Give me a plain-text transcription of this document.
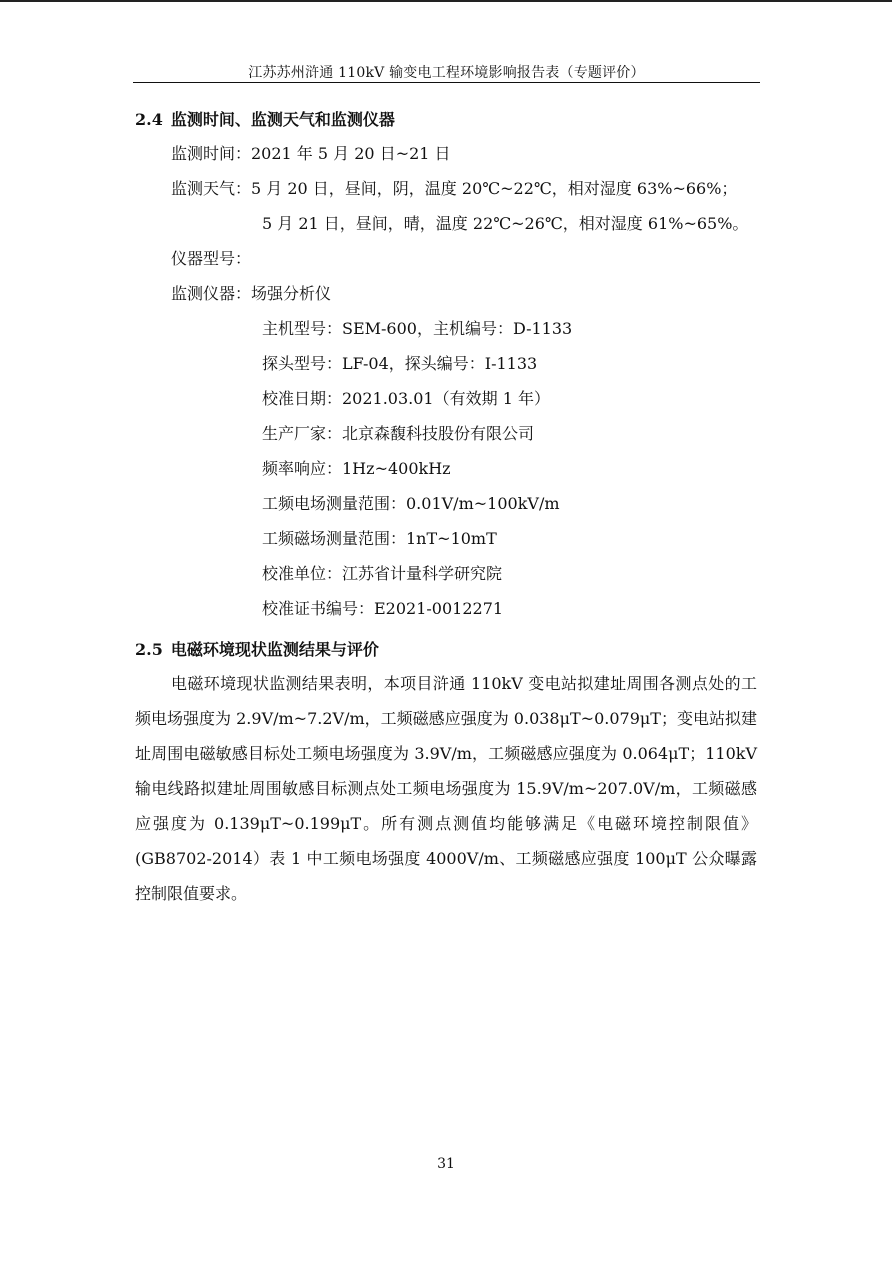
江苏苏州浒通 110kV 输变电工程环境影响报告表（专题评价）
2.4 监测时间、监测天气和监测仪器
监测时间：2021 年 5 月 20 日~21 日
监测天气：5 月 20 日，昼间，阴，温度 20℃~22℃，相对湿度 63%~66%；
5 月 21 日，昼间，晴，温度 22℃~26℃，相对湿度 61%~65%。
仪器型号：
监测仪器：场强分析仪
主机型号：SEM-600，主机编号：D-1133
探头型号：LF-04，探头编号：I-1133
校准日期：2021.03.01（有效期 1 年）
生产厂家：北京森馥科技股份有限公司
频率响应：1Hz~400kHz
工频电场测量范围：0.01V/m~100kV/m
工频磁场测量范围：1nT~10mT
校准单位：江苏省计量科学研究院
校准证书编号：E2021-0012271
2.5 电磁环境现状监测结果与评价
电磁环境现状监测结果表明，本项目浒通 110kV 变电站拟建址周围各测点处的工频电场强度为 2.9V/m~7.2V/m，工频磁感应强度为 0.038μT~0.079μT；变电站拟建址周围电磁敏感目标处工频电场强度为 3.9V/m，工频磁感应强度为 0.064μT；110kV 输电线路拟建址周围敏感目标测点处工频电场强度为 15.9V/m~207.0V/m，工频磁感应强度为 0.139μT~0.199μT。所有测点测值均能够满足《电磁环境控制限值》(GB8702-2014）表 1 中工频电场强度 4000V/m、工频磁感应强度 100μT 公众曝露控制限值要求。
31
